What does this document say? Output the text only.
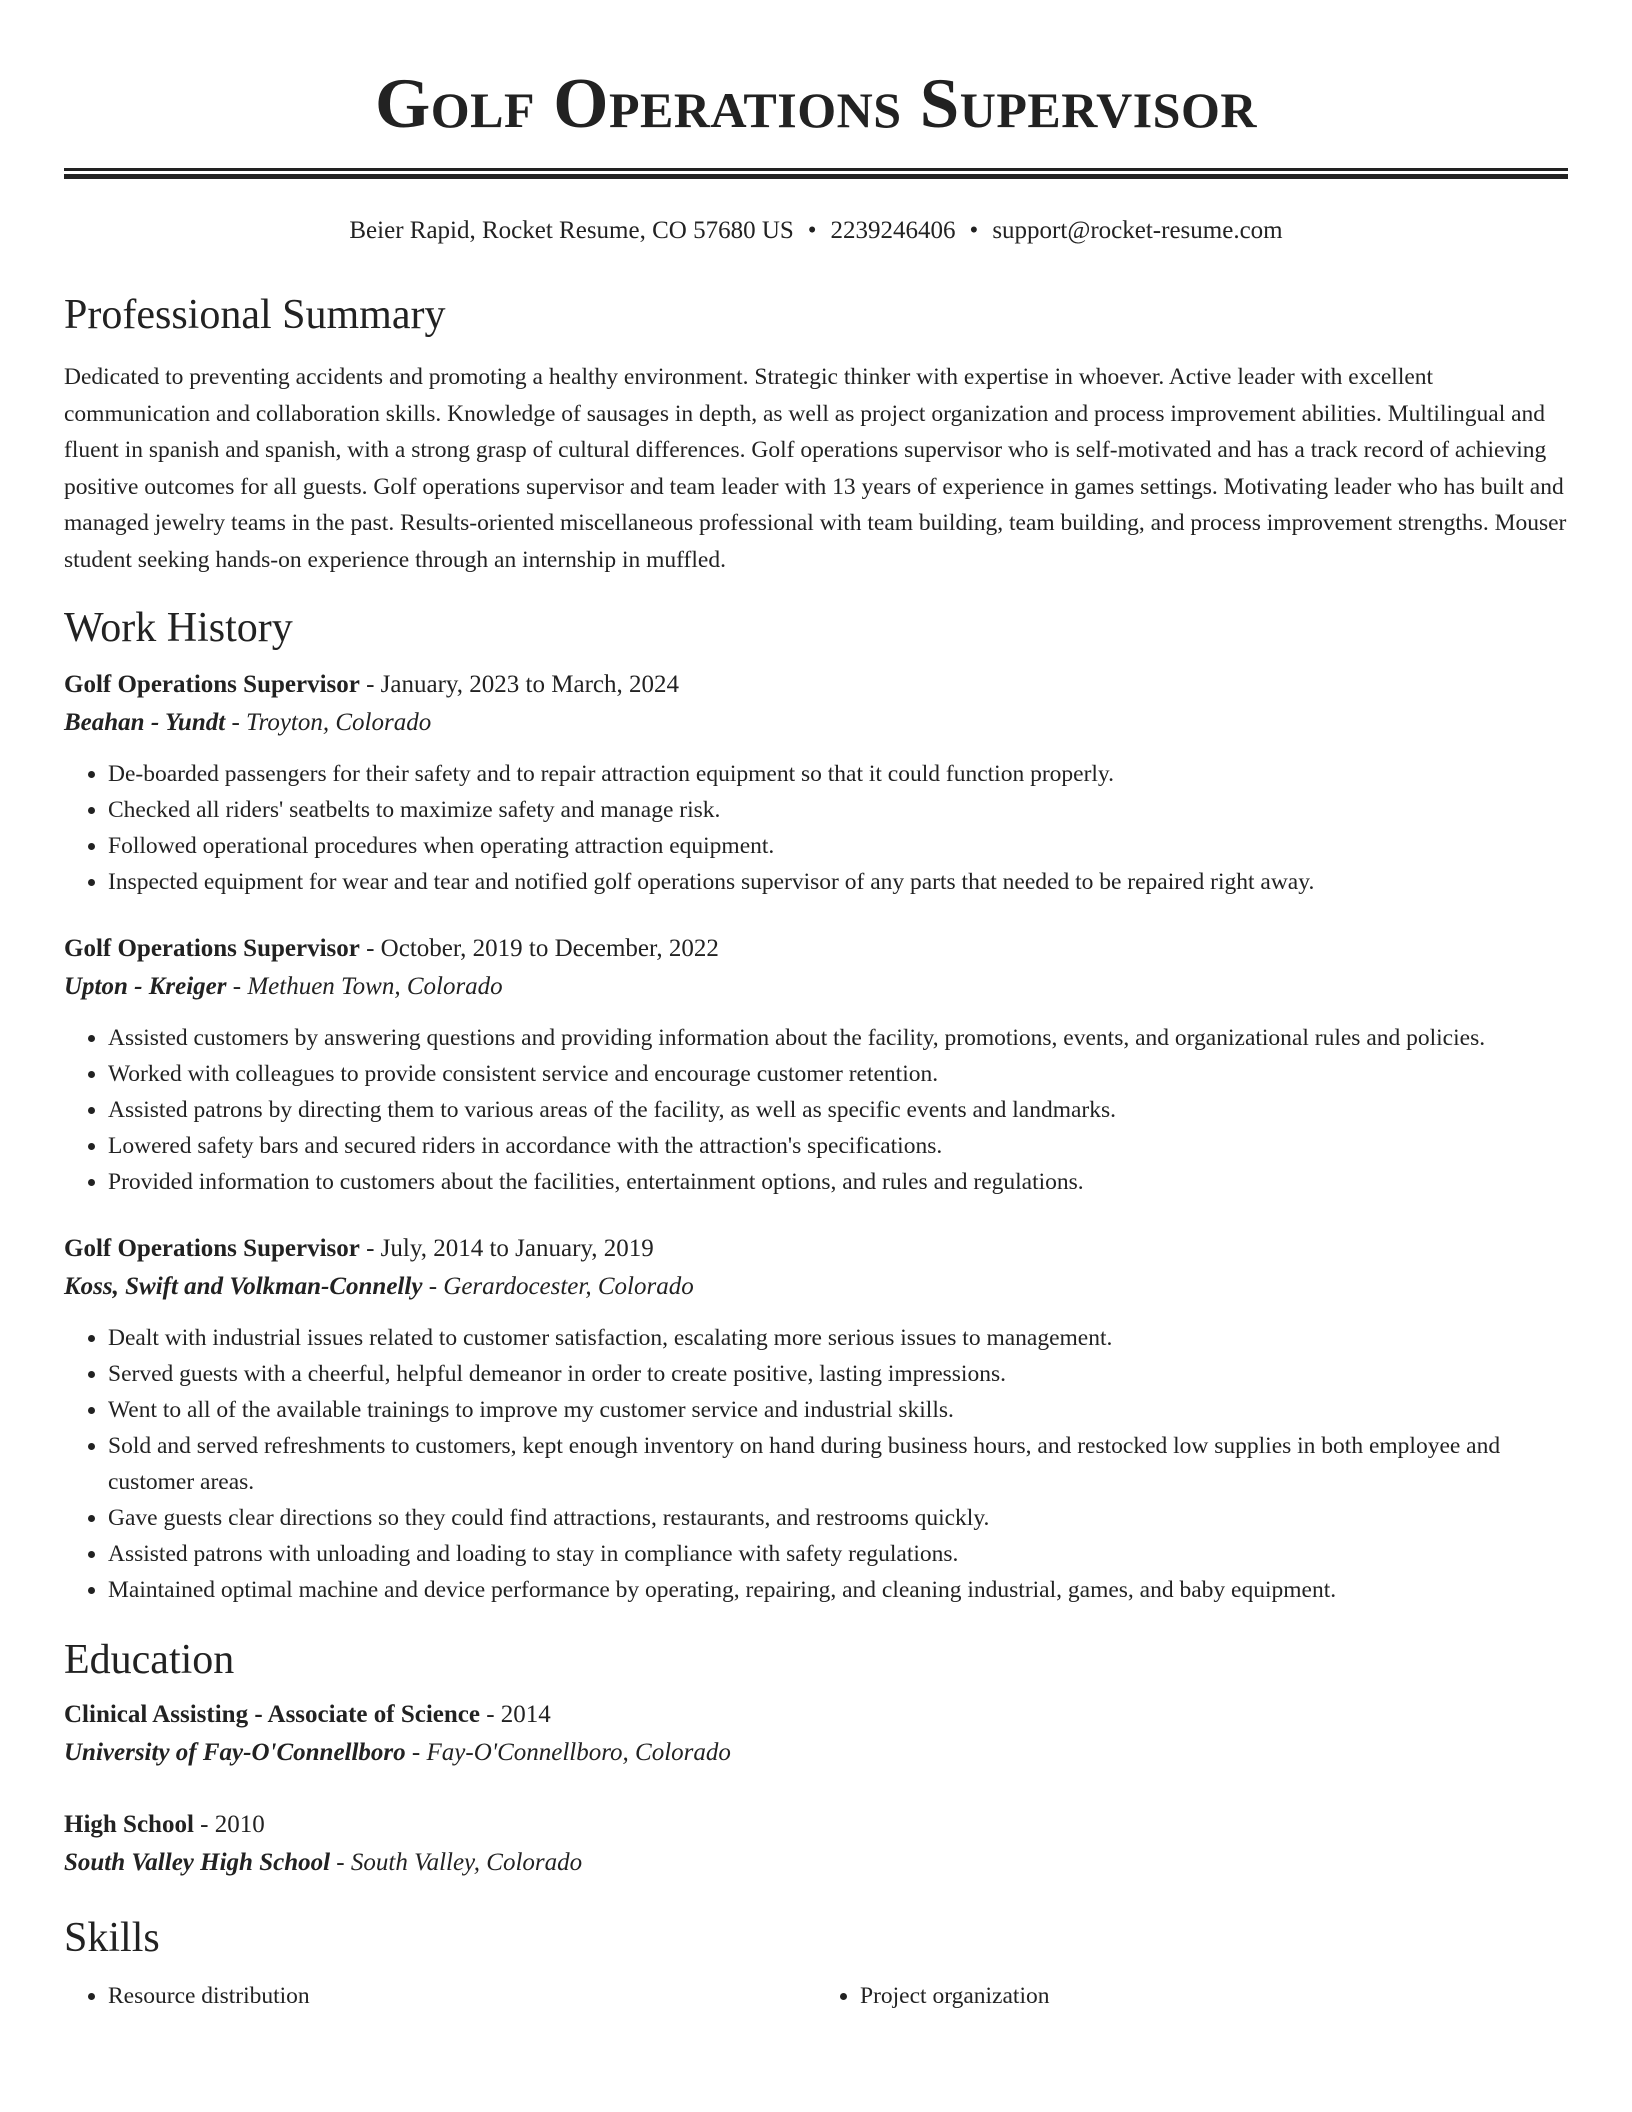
Golf Operations Supervisor
Beier Rapid, Rocket Resume, CO 57680 US • 2239246406 • support@rocket-resume.com
Professional Summary

Dedicated to preventing accidents and promoting a healthy environment. Strategic thinker with expertise in whoever. Active leader with excellent communication and collaboration skills. Knowledge of sausages in depth, as well as project organization and process improvement abilities. Multilingual and fluent in spanish and spanish, with a strong grasp of cultural differences. Golf operations supervisor who is self-motivated and has a track record of achieving positive outcomes for all guests. Golf operations supervisor and team leader with 13 years of experience in games settings. Motivating leader who has built and managed jewelry teams in the past. Results-oriented miscellaneous professional with team building, team building, and process improvement strengths. Mouser student seeking hands-on experience through an internship in muffled.

Work History
Golf Operations Supervisor - January, 2023 to March, 2024
Beahan - Yundt - Troyton, Colorado
• De-boarded passengers for their safety and to repair attraction equipment so that it could function properly.
• Checked all riders' seatbelts to maximize safety and manage risk.
• Followed operational procedures when operating attraction equipment.
• Inspected equipment for wear and tear and notified golf operations supervisor of any parts that needed to be repaired right away.
Golf Operations Supervisor - October, 2019 to December, 2022
Upton - Kreiger - Methuen Town, Colorado
• Assisted customers by answering questions and providing information about the facility, promotions, events, and organizational rules and policies.
• Worked with colleagues to provide consistent service and encourage customer retention.
• Assisted patrons by directing them to various areas of the facility, as well as specific events and landmarks.
• Lowered safety bars and secured riders in accordance with the attraction's specifications.
• Provided information to customers about the facilities, entertainment options, and rules and regulations.
Golf Operations Supervisor - July, 2014 to January, 2019
Koss, Swift and Volkman-Connelly - Gerardocester, Colorado
• Dealt with industrial issues related to customer satisfaction, escalating more serious issues to management.
• Served guests with a cheerful, helpful demeanor in order to create positive, lasting impressions.
• Went to all of the available trainings to improve my customer service and industrial skills.
• Sold and served refreshments to customers, kept enough inventory on hand during business hours, and restocked low supplies in both employee and customer areas.
• Gave guests clear directions so they could find attractions, restaurants, and restrooms quickly.
• Assisted patrons with unloading and loading to stay in compliance with safety regulations.
• Maintained optimal machine and device performance by operating, repairing, and cleaning industrial, games, and baby equipment.
Education
Clinical Assisting - Associate of Science - 2014
University of Fay-O'Connellboro - Fay-O'Connellboro, Colorado
High School - 2010
South Valley High School - South Valley, Colorado
Skills
• Resource distribution
•	Project organization
